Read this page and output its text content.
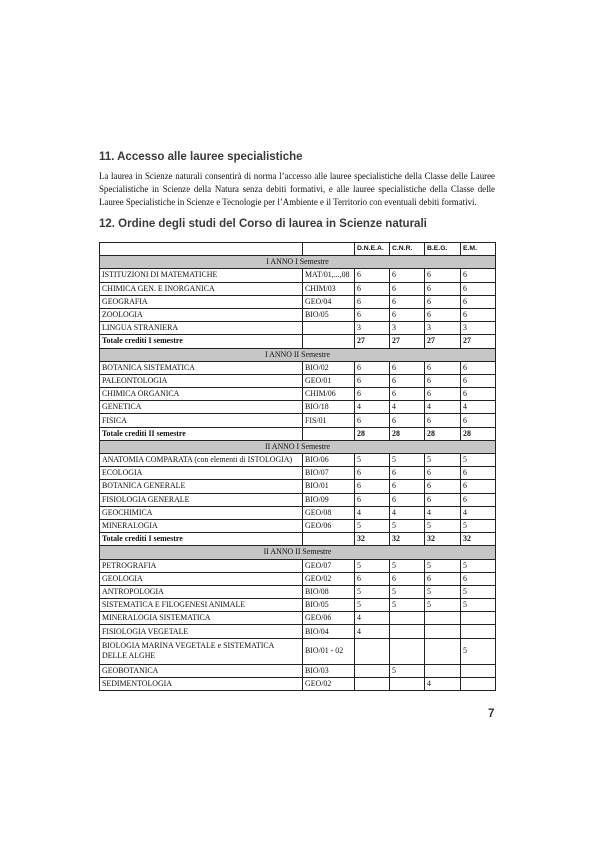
11. Accesso alle lauree specialistiche

La laurea in Scienze naturali consentirà di norma l’accesso alle lauree specialistiche della Classe delle Lauree
Specialistiche in Scienze della Natura senza debiti formativi, e alle lauree specialistiche della Classe delle
Lauree Specialistiche in Scienze e Tecnologie per l’Ambiente e il Territorio con eventuali debiti formativi.

12. Ordine degli studi del Corso di laurea in Scienze naturali
		D.N.E.A.	C.N.R.	B.E.G.	E.M.
I ANNO I Semestre					
ISTITUZIONI DI MATEMATICHE	MAT/01,...,08	6	6	6	6
CHIMICA GEN. E INORGANICA	CHIM/03	6	6	6	6
GEOGRAFIA	GEO/04	6	6	6	6
ZOOLOGIA	BIO/05	6	6	6	6
LINGUA STRANIERA		3	3	3	3
Totale crediti I semestre		27	27	27	27
I ANNO II Semestre					
BOTANICA SISTEMATICA	BIO/02	6	6	6	6
PALEONTOLOGIA	GEO/01	6	6	6	6
CHIMICA ORGANICA	CHIM/06	6	6	6	6
GENETICA	BIO/18	4	4	4	4
FISICA	FIS/01	6	6	6	6
Totale crediti II semestre		28	28	28	28
II ANNO I Semestre					
ANATOMIA COMPARATA (con elementi di ISTOLOGIA)	BIO/06	5	5	5	5
ECOLOGIA	BIO/07	6	6	6	6
BOTANICA GENERALE	BIO/01	6	6	6	6
FISIOLOGIA GENERALE	BIO/09	6	6	6	6
GEOCHIMICA	GEO/08	4	4	4	4
MINERALOGIA	GEO/06	5	5	5	5
Totale crediti I semestre		32	32	32	32
II ANNO II Semestre					
PETROGRAFIA	GEO/07	5	5	5	5
GEOLOGIA	GEO/02	6	6	6	6
ANTROPOLOGIA	BIO/08	5	5	5	5
SISTEMATICA E FILOGENESI ANIMALE	BIO/05	5	5	5	5
MINERALOGIA SISTEMATICA	GEO/06	4			
FISIOLOGIA VEGETALE	BIO/04	4			
BIOLOGIA MARINA VEGETALE e SISTEMATICA DELLE ALGHE	BIO/01 - 02				5
GEOBOTANICA	BIO/03		5		
SEDIMENTOLOGIA	GEO/02			4	
7
